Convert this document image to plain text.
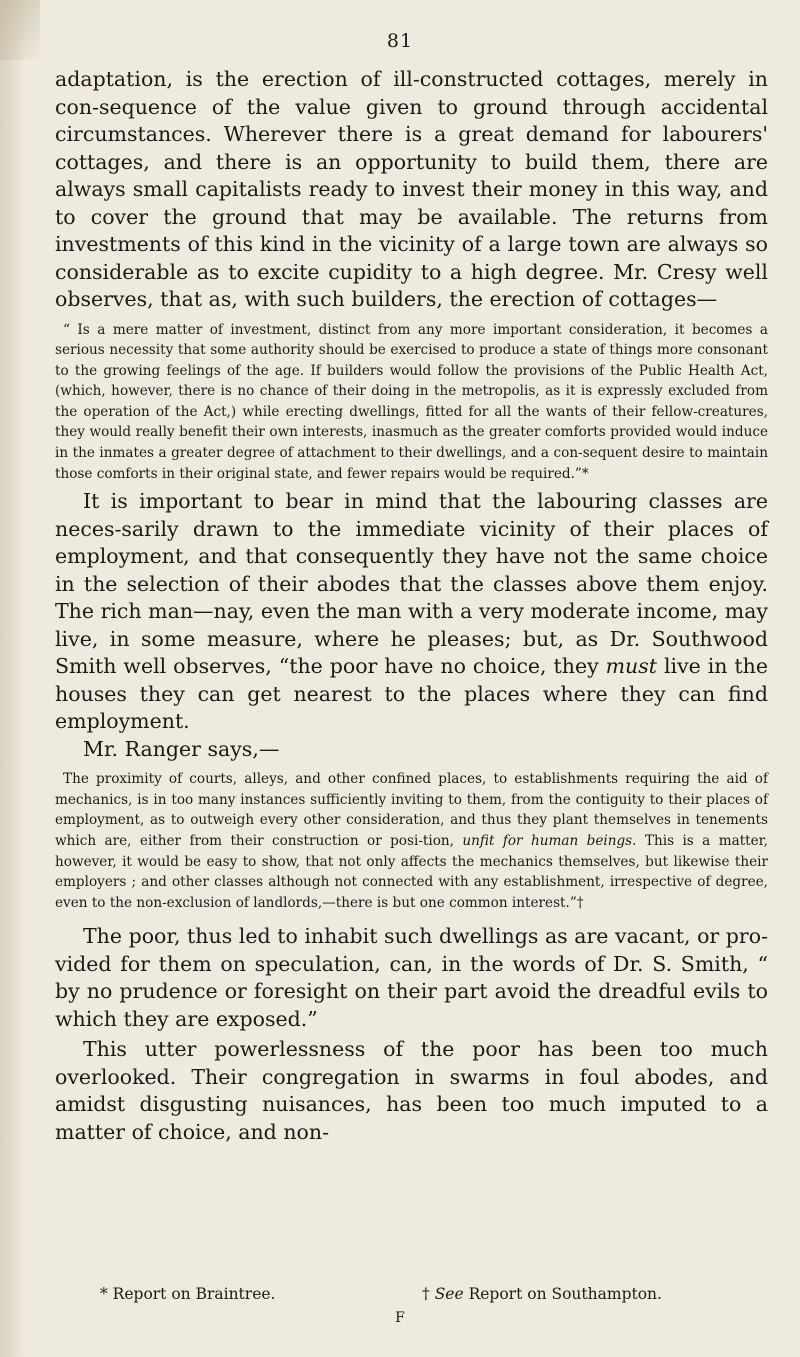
81

adaptation, is the erection of ill-constructed cottages, merely in con-sequence of the value given to ground through accidental circumstances. Wherever there is a great demand for labourers' cottages, and there is an opportunity to build them, there are always small capitalists ready to invest their money in this way, and to cover the ground that may be available. The returns from investments of this kind in the vicinity of a large town are always so considerable as to excite cupidity to a high degree. Mr. Cresy well observes, that as, with such builders, the erection of cottages—

“ Is a mere matter of investment, distinct from any more important consideration, it becomes a serious necessity that some authority should be exercised to produce a state of things more consonant to the growing feelings of the age. If builders would follow the provisions of the Public Health Act, (which, however, there is no chance of their doing in the metropolis, as it is expressly excluded from the operation of the Act,) while erecting dwellings, fitted for all the wants of their fellow-creatures, they would really benefit their own interests, inasmuch as the greater comforts provided would induce in the inmates a greater degree of attachment to their dwellings, and a con-sequent desire to maintain those comforts in their original state, and fewer repairs would be required.”*

It is important to bear in mind that the labouring classes are neces-sarily drawn to the immediate vicinity of their places of employment, and that consequently they have not the same choice in the selection of their abodes that the classes above them enjoy. The rich man—nay, even the man with a very moderate income, may live, in some measure, where he pleases; but, as Dr. Southwood Smith well observes, “the poor have no choice, they must live in the houses they can get nearest to the places where they can find employment.

Mr. Ranger says,—

The proximity of courts, alleys, and other confined places, to establishments requiring the aid of mechanics, is in too many instances sufficiently inviting to them, from the contiguity to their places of employment, as to outweigh every other consideration, and thus they plant themselves in tenements which are, either from their construction or posi-tion, unfit for human beings. This is a matter, however, it would be easy to show, that not only affects the mechanics themselves, but likewise their employers ; and other classes although not connected with any establishment, irrespective of degree, even to the non-exclusion of landlords,—there is but one common interest.”†

The poor, thus led to inhabit such dwellings as are vacant, or pro-vided for them on speculation, can, in the words of Dr. S. Smith, “ by no prudence or foresight on their part avoid the dreadful evils to which they are exposed.”

This utter powerlessness of the poor has been too much overlooked. Their congregation in swarms in foul abodes, and amidst disgusting nuisances, has been too much imputed to a matter of choice, and non-

* Report on Braintree.	† See Report on Southampton.
F
